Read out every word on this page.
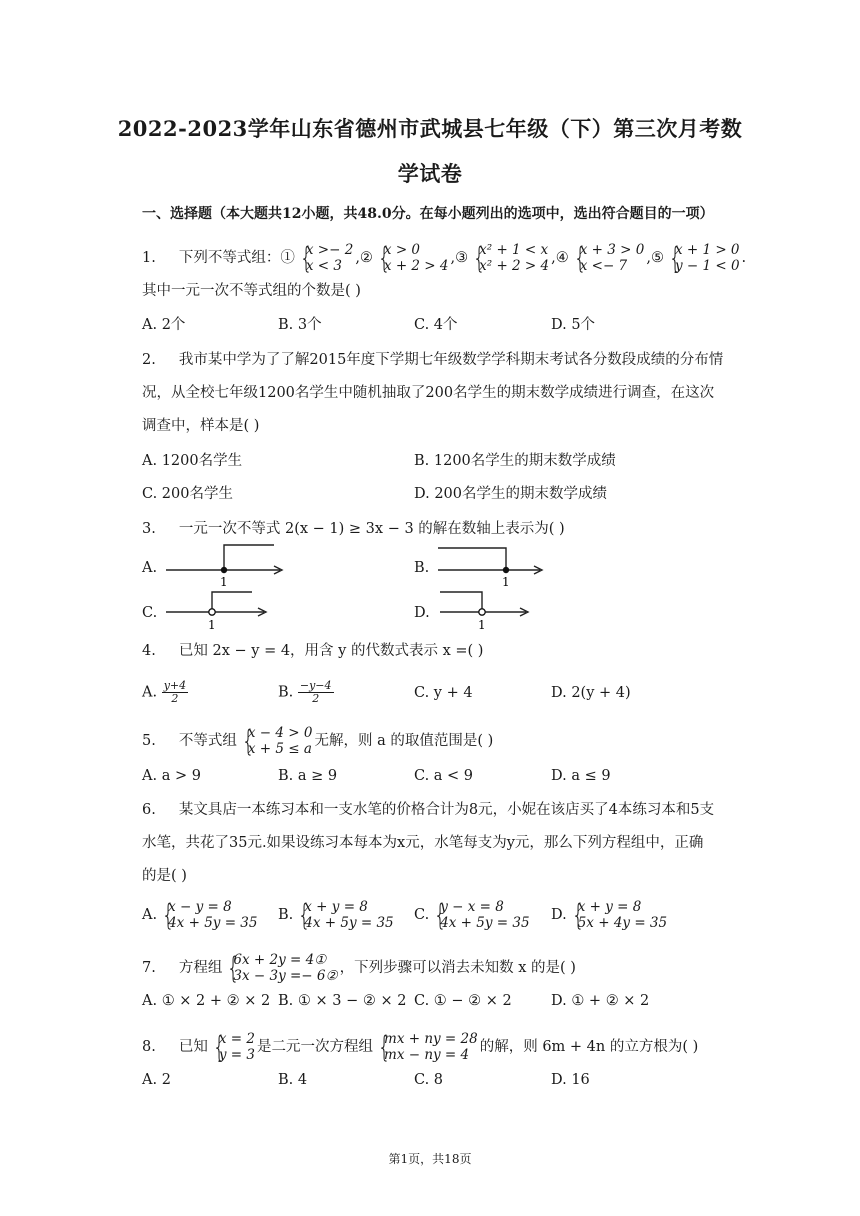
2022-2023学年山东省德州市武城县七年级（下）第三次月考数
学试卷
一、选择题（本大题共12小题，共48.0分。在每小题列出的选项中，选出符合题目的一项）
1. 下列不等式组：① {
x >− 2
x < 3 ,② {
x > 0
x + 2 > 4 ,③ {
x² + 1 < x
x² + 2 > 4 ,④ {
x + 3 > 0
x <− 7	,⑤ {
x + 1 > 0
y − 1 < 0 .
其中一元一次不等式组的个数是( )
A. 2个	B. 3个	C. 4个	D. 5个
2. 我市某中学为了了解2015年度下学期七年级数学学科期末考试各分数段成绩的分布情
况，从全校七年级1200名学生中随机抽取了200名学生的期末数学成绩进行调查，在这次
调查中，样本是( )
A. 1200名学生	B. 1200名学生的期末数学成绩
C. 200名学生	D. 200名学生的期末数学成绩
3. 一元一次不等式 2(x − 1) ≥ 3x − 3 的解在数轴上表示为( )
A.
1
B.
1
C.
1
D.
1
4. 已知 2x − y = 4，用含 y 的代数式表示 x =( )
A. $\frac{y+4}{2}$	B. $\frac{-y-4}{2}$	C. y + 4	D. 2(y + 4)
5. 不等式组 {
x − 4 > 0
x + 5 ≤ a 无解，则 a 的取值范围是( )
A. a > 9	B. a ≥ 9	C. a < 9	D. a ≤ 9
6. 某文具店一本练习本和一支水笔的价格合计为8元，小妮在该店买了4本练习本和5支
水笔，共花了35元.如果设练习本每本为x元，水笔每支为y元，那么下列方程组中，正确
的是( )
A. {
x − y = 8
4x + 5y = 35 B. {
x + y = 8
4x + 5y = 35 C. {
y − x = 8
4x + 5y = 35 D. {
x + y = 8
5x + 4y = 35
7. 方程组 {
6x + 2y = 4①
3x − 3y =− 6② ，下列步骤可以消去未知数 x 的是( )
A. ① × 2 + ② × 2 B. ① × 3 − ② × 2 C. ① − ② × 2	D. ① + ② × 2
8. 已知 {
x = 2
y = 3 是二元一次方程组 {
mx + ny = 28
mx − ny = 4 的解，则 6m + 4n 的立方根为( )
A. 2	B. 4	C. 8	D. 16
第1页，共18页
